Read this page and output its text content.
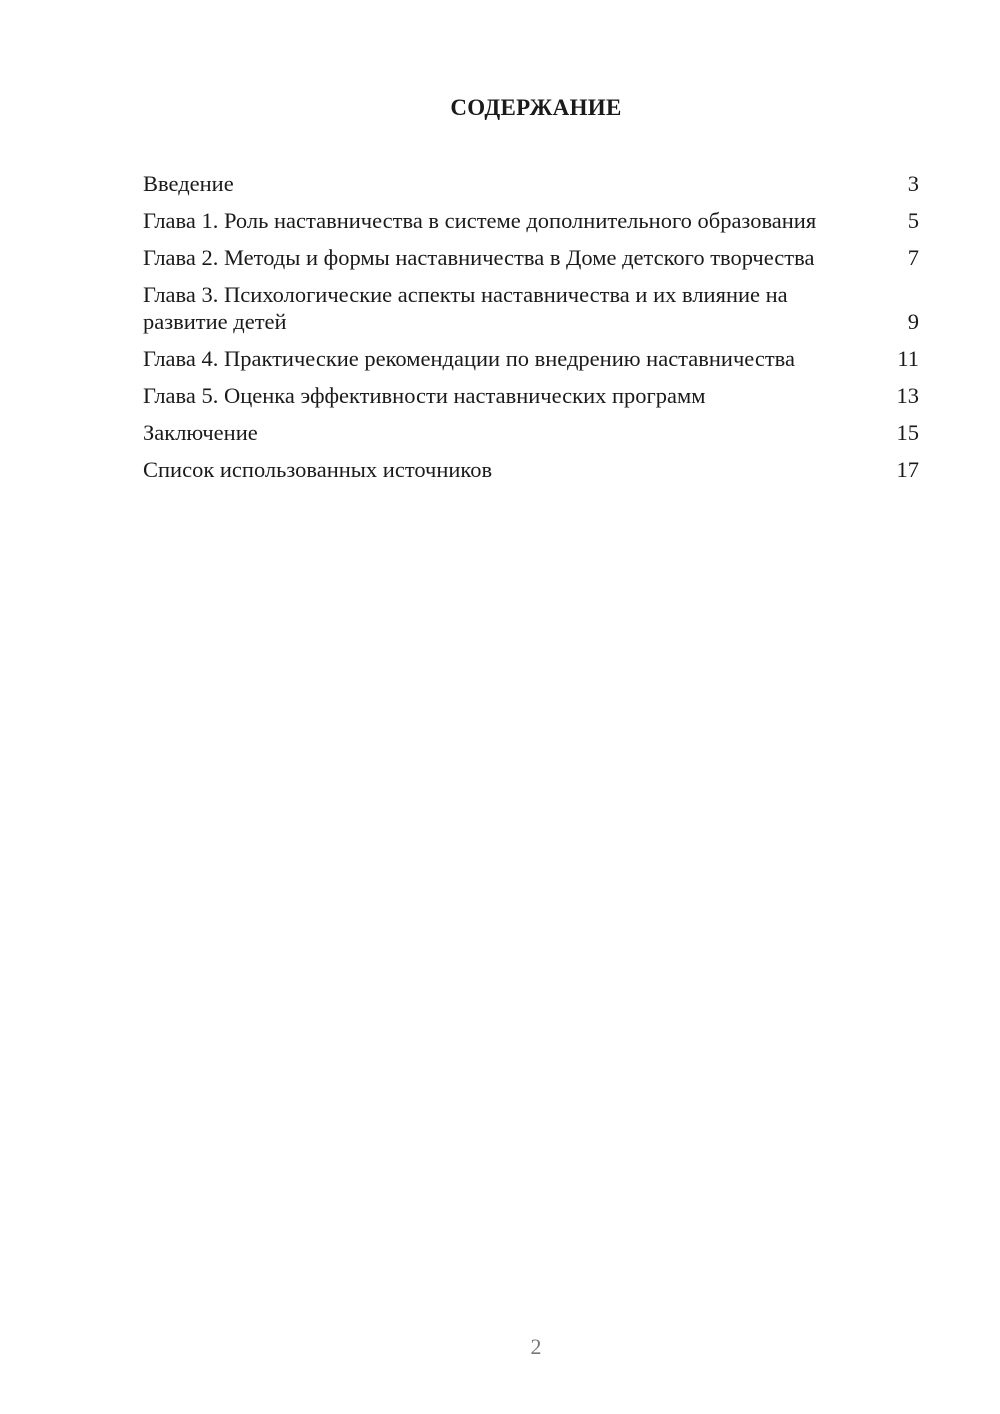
СОДЕРЖАНИЕ
Введение	3
Глава 1. Роль наставничества в системе дополнительного образования	5
Глава 2. Методы и формы наставничества в Доме детского творчества	7
Глава 3. Психологические аспекты наставничества и их влияние на развитие детей	9
Глава 4. Практические рекомендации по внедрению наставничества	11
Глава 5. Оценка эффективности наставнических программ	13
Заключение	15
Список использованных источников	17
2
